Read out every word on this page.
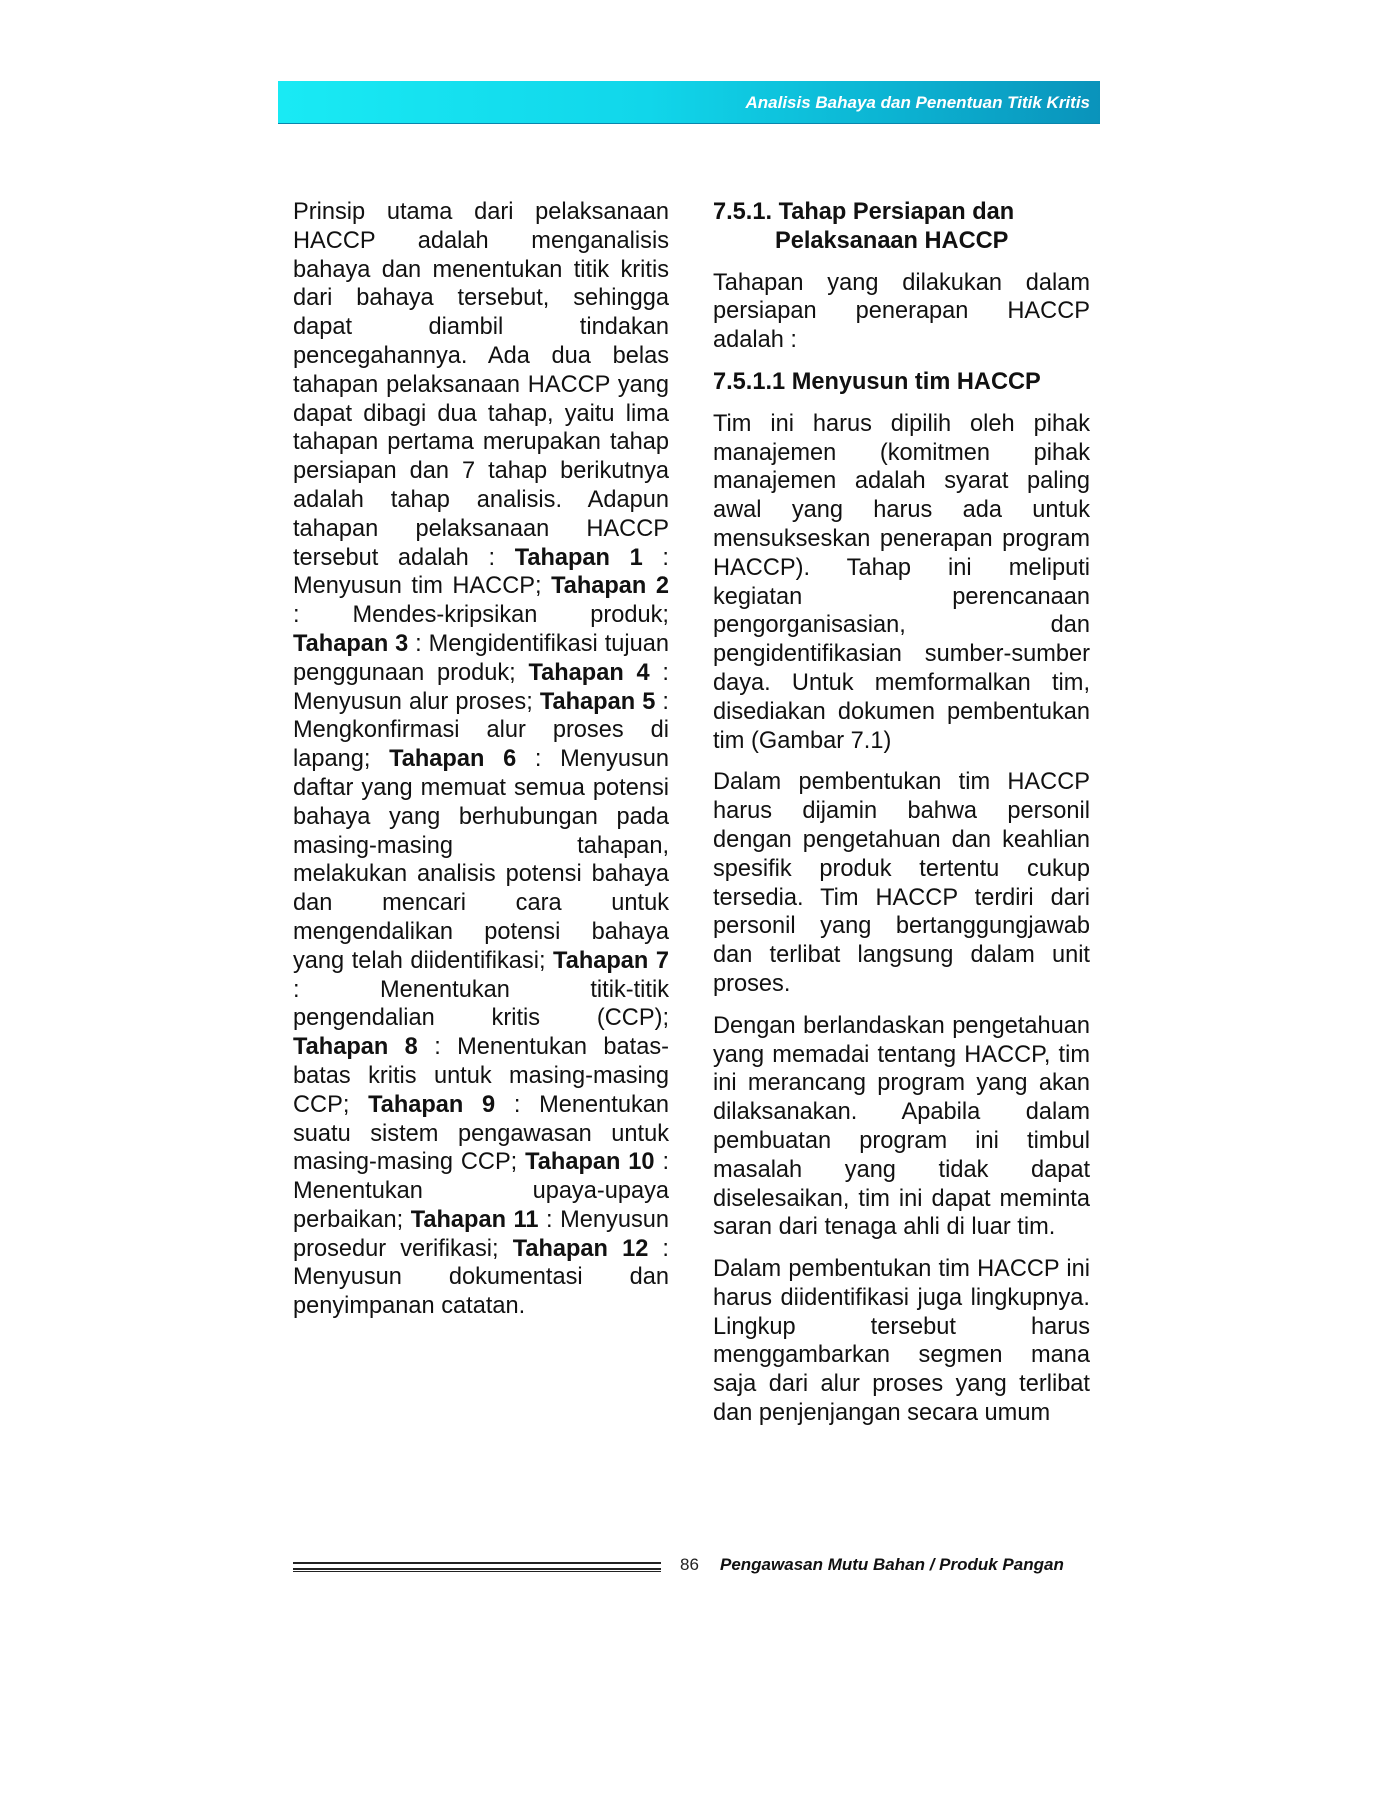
Analisis Bahaya dan Penentuan Titik Kritis

Prinsip utama dari pelaksanaan HACCP adalah menganalisis bahaya dan menentukan titik kritis dari bahaya tersebut, sehingga dapat diambil tindakan pencegahannya. Ada dua belas tahapan pelaksanaan HACCP yang dapat dibagi dua tahap, yaitu lima tahapan pertama merupakan tahap persiapan dan 7 tahap berikutnya adalah tahap analisis. Adapun tahapan pelaksanaan HACCP tersebut adalah : Tahapan 1 : Menyusun tim HACCP; Tahapan 2 : Mendes-kripsikan produk; Tahapan 3 : Mengidentifikasi tujuan penggunaan produk; Tahapan 4 : Menyusun alur proses; Tahapan 5 : Mengkonfirmasi alur proses di lapang; Tahapan 6 : Menyusun daftar yang memuat semua potensi bahaya yang berhubungan pada masing-masing tahapan, melakukan analisis potensi bahaya dan mencari cara untuk mengendalikan potensi bahaya yang telah diidentifikasi; Tahapan 7 : Menentukan titik-titik pengendalian kritis (CCP); Tahapan 8 : Menentukan batas-batas kritis untuk masing-masing CCP; Tahapan 9 : Menentukan suatu sistem pengawasan untuk masing-masing CCP; Tahapan 10 : Menentukan upaya-upaya perbaikan; Tahapan 11 : Menyusun prosedur verifikasi; Tahapan 12 : Menyusun dokumentasi dan penyimpanan catatan.

7.5.1. Tahap Persiapan dan
Pelaksanaan HACCP

Tahapan yang dilakukan dalam persiapan penerapan HACCP adalah :

7.5.1.1 Menyusun tim HACCP

Tim ini harus dipilih oleh pihak manajemen (komitmen pihak manajemen adalah syarat paling awal yang harus ada untuk mensukseskan penerapan program HACCP). Tahap ini meliputi kegiatan perencanaan pengorganisasian, dan pengidentifikasian sumber-sumber daya. Untuk memformalkan tim, disediakan dokumen pembentukan tim (Gambar 7.1)

Dalam pembentukan tim HACCP harus dijamin bahwa personil dengan pengetahuan dan keahlian spesifik produk tertentu cukup tersedia. Tim HACCP terdiri dari personil yang bertanggungjawab dan terlibat langsung dalam unit proses.

Dengan berlandaskan pengetahuan yang memadai tentang HACCP, tim ini merancang program yang akan dilaksanakan. Apabila dalam pembuatan program ini timbul masalah yang tidak dapat diselesaikan, tim ini dapat meminta saran dari tenaga ahli di luar tim.

Dalam pembentukan tim HACCP ini harus diidentifikasi juga lingkupnya. Lingkup tersebut harus menggambarkan segmen mana saja dari alur proses yang terlibat dan penjenjangan secara umum

86 Pengawasan Mutu Bahan / Produk Pangan
